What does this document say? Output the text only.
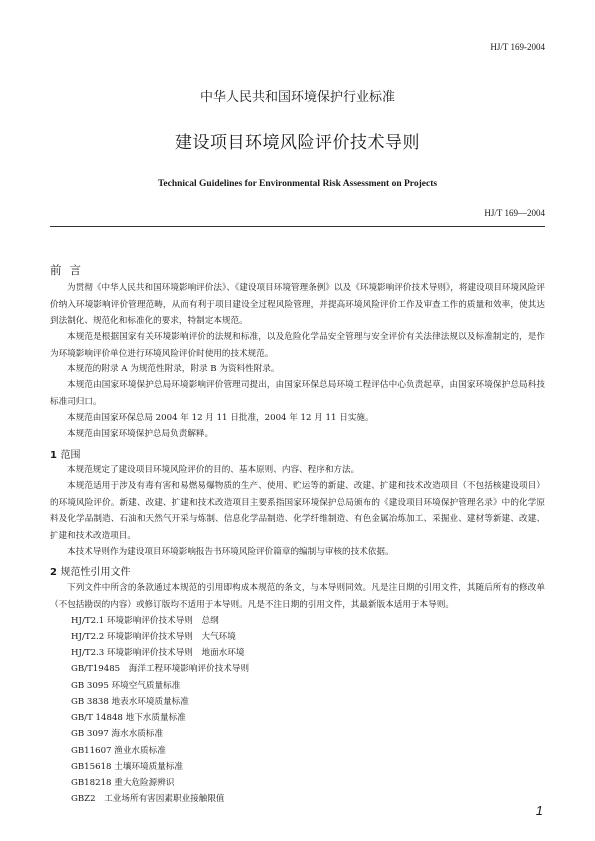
HJ/T 169-2004
中华人民共和国环境保护行业标准
建设项目环境风险评价技术导则
Technical Guidelines for Environmental Risk Assessment on Projects
HJ/T 169—2004
前言
为贯彻《中华人民共和国环境影响评价法》、《建设项目环境管理条例》以及《环境影响评价技术导则》，将建设项目环境风险评价纳入环境影响评价管理范畴，从而有利于项目建设全过程风险管理，并提高环境风险评价工作及审查工作的质量和效率，使其达到法制化、规范化和标准化的要求，特制定本规范。
本规范是根据国家有关环境影响评价的法规和标准，以及危险化学品安全管理与安全评价有关法律法规以及标准制定的，是作为环境影响评价单位进行环境风险评价时使用的技术规范。
本规范的附录 A 为规范性附录，附录 B 为资料性附录。
本规范由国家环境保护总局环境影响评价管理司提出，由国家环保总局环境工程评估中心负责起草，由国家环境保护总局科技标准司归口。
本规范由国家环保总局 2004 年 12 月 11 日批准，2004 年 12 月 11 日实施。
本规范由国家环境保护总局负责解释。
1 范围
本规范规定了建设项目环境风险评价的目的、基本原则、内容、程序和方法。
本规范适用于涉及有毒有害和易燃易爆物质的生产、使用、贮运等的新建、改建、扩建和技术改造项目（不包括核建设项目）的环境风险评价。新建、改建、扩建和技术改造项目主要系指国家环境保护总局颁布的《建设项目环境保护管理名录》中的化学原料及化学品制造、石油和天然气开采与炼制、信息化学品制造、化学纤维制造、有色金属冶炼加工、采掘业、建材等新建、改建、扩建和技术改造项目。
本技术导则作为建设项目环境影响报告书环境风险评价篇章的编制与审核的技术依据。
2 规范性引用文件
下列文件中所含的条款通过本规范的引用即构成本规范的条文，与本导则同效。凡是注日期的引用文件，其随后所有的修改单（不包括勘误的内容）或修订版均不适用于本导则。凡是不注日期的引用文件，其最新版本适用于本导则。
HJ/T2.1 环境影响评价技术导则　总纲
HJ/T2.2 环境影响评价技术导则　大气环境
HJ/T2.3 环境影响评价技术导则　地面水环境
GB/T19485　海洋工程环境影响评价技术导则
GB 3095 环境空气质量标准
GB 3838 地表水环境质量标准
GB/T 14848 地下水质量标准
GB 3097 海水水质标准
GB11607 渔业水质标准
GB15618 土壤环境质量标准
GB18218 重大危险源辨识
GBZ2　工业场所有害因素职业接触限值
1
